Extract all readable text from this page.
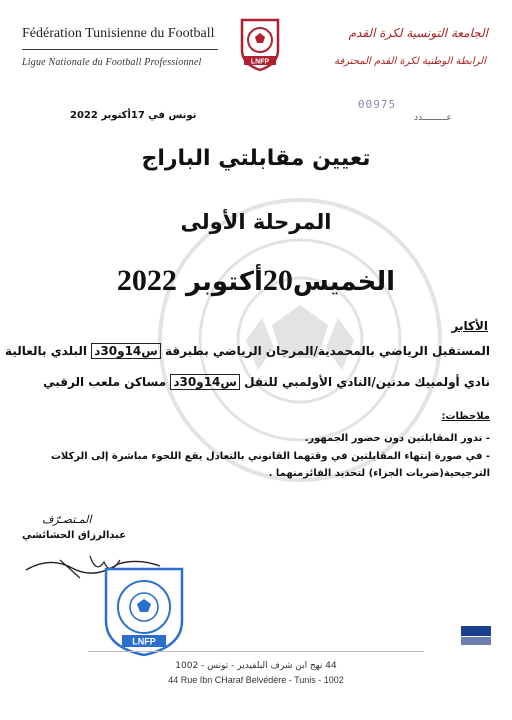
Fédération Tunisienne du Football
Ligue Nationale du Football Professionnel
الجامعة التونسية لكرة القدم
الرابطة الوطنية لكرة القدم المحترفة
LNFP
تونس في 17أكتوبر 2022
00975
عـــــــــدد
تعيين مقابلتي الباراج
المرحلة الأولى
الخميس20أكتوبر 2022
الأكابر
المستقبل الرياضي بالمحمدية/المرجان الرياضي بطبرقة س14و30د البلدي بالعالية
نادي أولمبيك مدنين/النادي الأولمبي للنقل س14و30د مساكن ملعب الرقبي
ملاحظات:
- تدور المقابلتين دون حضور الجمهور.
- في صورة إنتهاء المقابلتين في وقتهما القانوني بالتعادل يقع اللجوء مباشرة إلى الركلات الترجيحية(ضربات الجزاء) لتحديد الفائزمنهما .
المـتصـرّف
عبدالرزاق الحشائشي
LNFP
44 نهج ابن شرف البلفيدير - تونس - 1002
44 Rue Ibn CHaraf Belvédère - Tunis - 1002
